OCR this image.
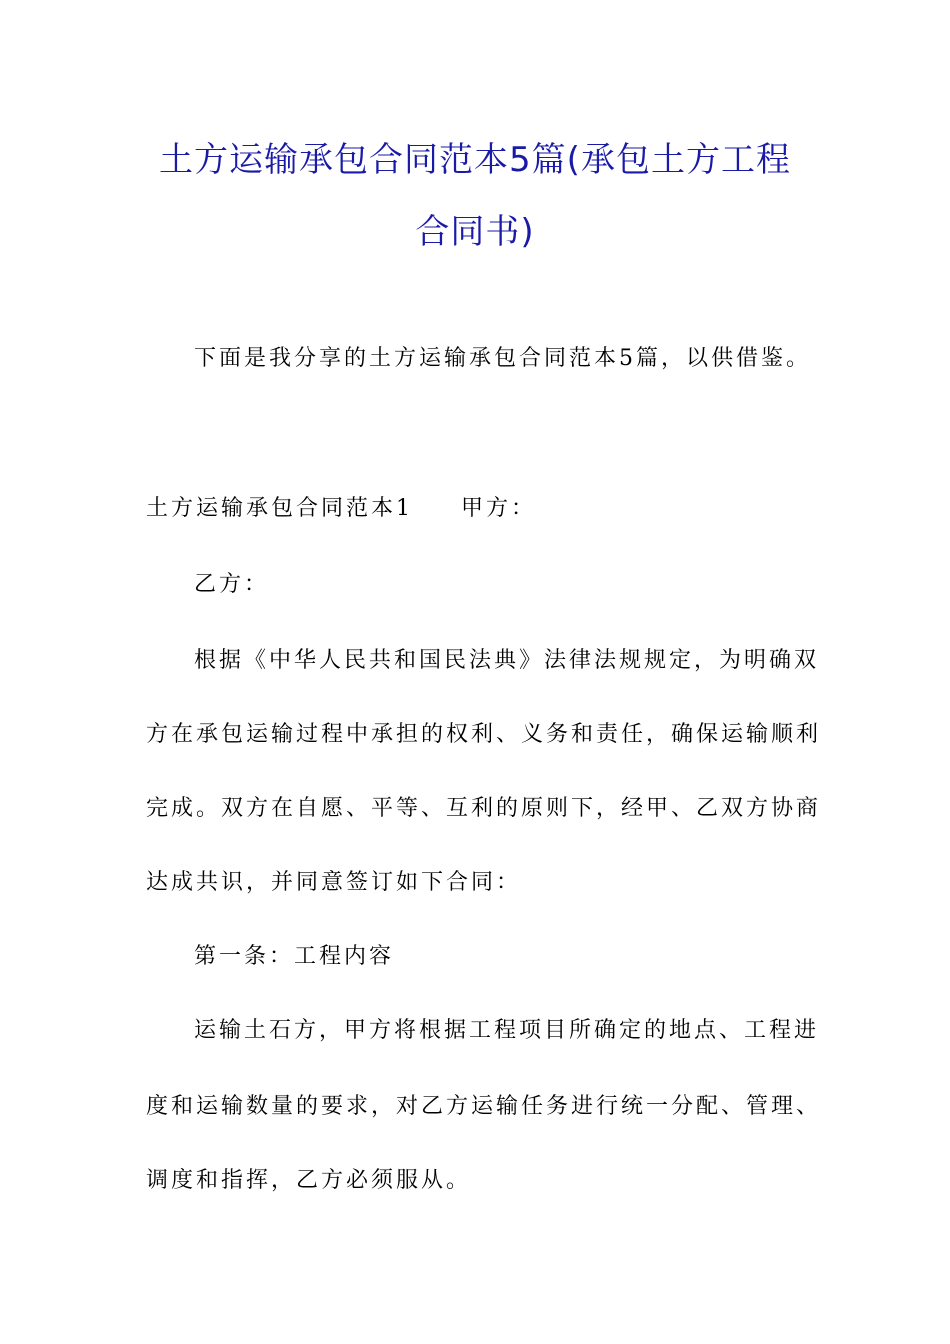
土方运输承包合同范本5篇(承包土方工程
合同书)
下面是我分享的土方运输承包合同范本5篇，以供借鉴。
土方运输承包合同范本1 甲方：
乙方：
根据《中华人民共和国民法典》法律法规规定，为明确双
方在承包运输过程中承担的权利、义务和责任，确保运输顺利
完成。双方在自愿、平等、互利的原则下，经甲、乙双方协商
达成共识，并同意签订如下合同：
第一条：工程内容
运输土石方，甲方将根据工程项目所确定的地点、工程进
度和运输数量的要求，对乙方运输任务进行统一分配、管理、
调度和指挥，乙方必须服从。
